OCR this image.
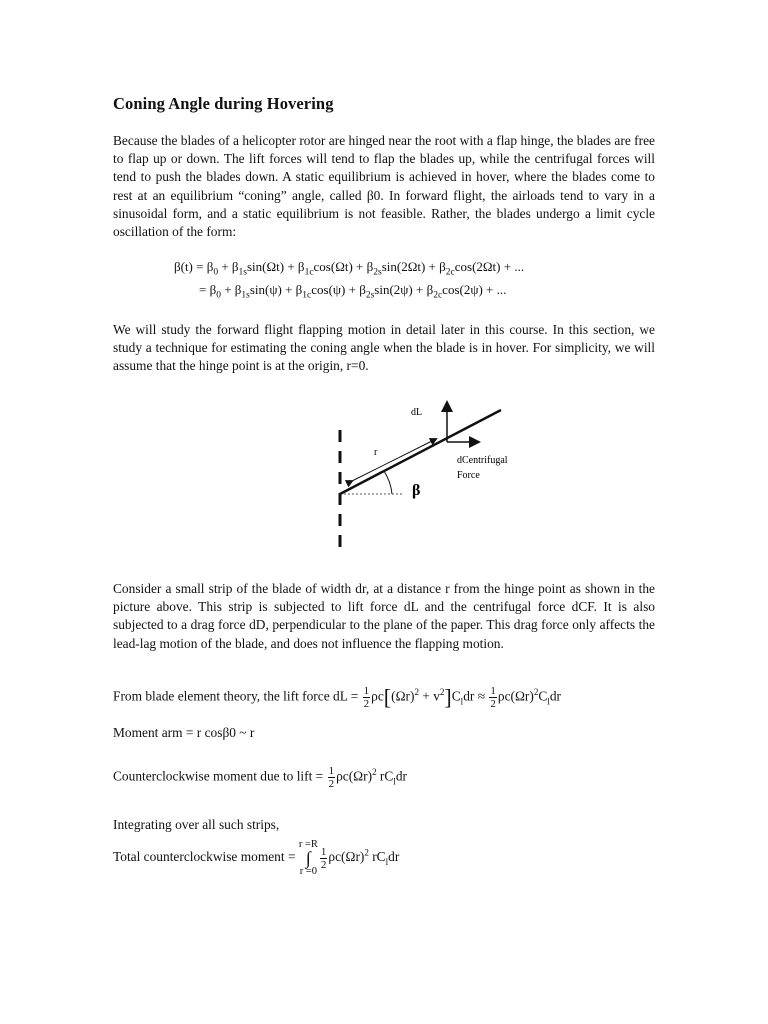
Coning Angle during Hovering

Because the blades of a helicopter rotor are hinged near the root with a flap hinge, the blades are free to flap up or down. The lift forces will tend to flap the blades up, while the centrifugal forces will tend to push the blades down. A static equilibrium is achieved in hover, where the blades come to rest at an equilibrium “coning” angle, called β0. In forward flight, the airloads tend to vary in a sinusoidal form, and a static equilibrium is not feasible. Rather, the blades undergo a limit cycle oscillation of the form:

$\beta(t) = \beta_0 + \beta_{1s}\sin(\Omega t) + \beta_{1c}\cos(\Omega t) + \beta_{2s}\sin(2\Omega t) + \beta_{2c}\cos(2\Omega t)$ + ...
= $\beta_0 + \beta_{1s}\sin(\psi) + \beta_{1c}\cos(\psi) + \beta_{2s}\sin(2\psi) + \beta_{2c}\cos(2\psi)$ + ...

We will study the forward flight flapping motion in detail later in this course. In this section, we study a technique for estimating the coning angle when the blade is in hover. For simplicity, we will assume that the hinge point is at the origin, r=0.

dL
r
dCentrifugal
Force
β

Consider a small strip of the blade of width dr, at a distance r from the hinge point as shown in the picture above. This strip is subjected to lift force dL and the centrifugal force dCF. It is also subjected to a drag force dD, perpendicular to the plane of the paper. This drag force only affects the lead-lag motion of the blade, and does not influence the flapping motion.

From blade element theory, the lift force dL = $\frac{1}{2} \rho c[(\Omega r)^2 + v^2]C_ldr \approx \frac{1}{2} \rho c(\Omega r)^2C_ldr$
Moment arm = r cosβ0 ~ r
Counterclockwise moment due to lift = $\frac{1}{2} \rho c(\Omega r)^2$ $rC_ldr$
Integrating over all such strips,
Total counterclockwise moment =
r =R
∫
r =0
$\frac{1}{2} \rho c(\Omega r)^2$ $rC_ldr$
